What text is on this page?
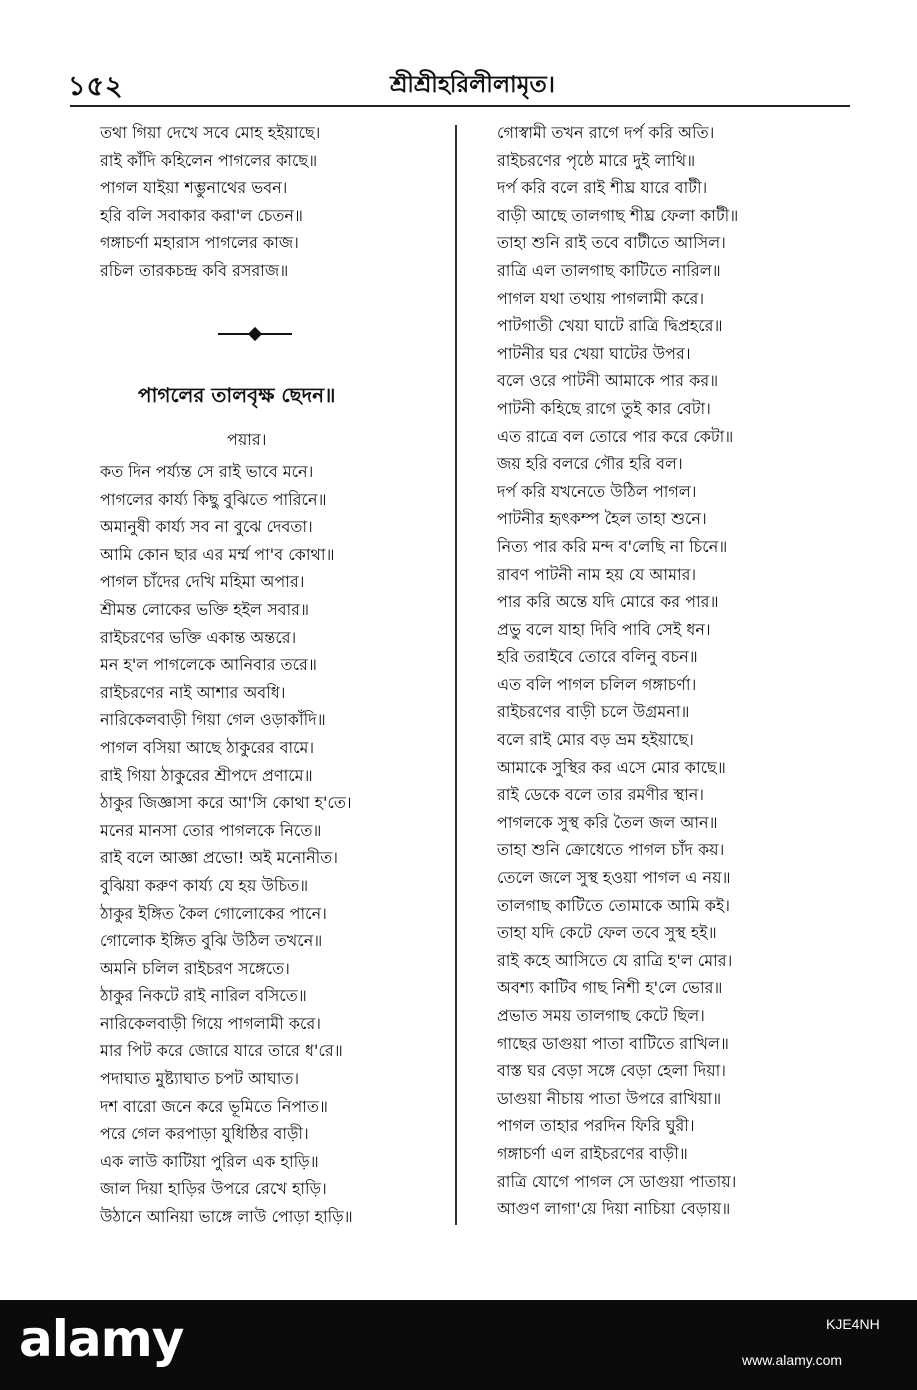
১৫২	শ্রীশ্রীহরিলীলামৃত।
তথা গিয়া দেখে সবে মোহ হইয়াছে।
রাই কাঁদি কহিলেন পাগলের কাছে॥
পাগল যাইয়া শম্ভুনাথের ভবন।
হরি বলি সবাকার করা'ল চেতন॥
গঙ্গাচর্ণা মহারাস পাগলের কাজ।
রচিল তারকচন্দ্র কবি রসরাজ॥
পাগলের তালবৃক্ষ ছেদন॥
পয়ার।
কত দিন পর্য্যন্ত সে রাই ভাবে মনে।
পাগলের কার্য্য কিছু বুঝিতে পারিনে॥
অমানুষী কার্য্য সব না বুঝে দেবতা।
আমি কোন ছার এর মর্ম্ম পা'ব কোথা॥
পাগল চাঁদের দেখি মহিমা অপার।
শ্রীমন্ত লোকের ভক্তি হইল সবার॥
রাইচরণের ভক্তি একান্ত অন্তরে।
মন হ'ল পাগলেকে আনিবার তরে॥
রাইচরণের নাই আশার অবধি।
নারিকেলবাড়ী গিয়া গেল ওড়াকাঁদি॥
পাগল বসিয়া আছে ঠাকুরের বামে।
রাই গিয়া ঠাকুরের শ্রীপদে প্রণামে॥
ঠাকুর জিজ্ঞাসা করে আ'সি কোথা হ'তে।
মনের মানসা তোর পাগলকে নিতে॥
রাই বলে আজ্ঞা প্রভো! অই মনোনীত।
বুঝিয়া করুণ কার্য্য যে হয় উচিত॥
ঠাকুর ইঙ্গিত কৈল গোলোকের পানে।
গোলোক ইঙ্গিত বুঝি উঠিল তখনে॥
অমনি চলিল রাইচরণ সঙ্গেতে।
ঠাকুর নিকটে রাই নারিল বসিতে॥
নারিকেলবাড়ী গিয়ে পাগলামী করে।
মার পিট করে জোরে যারে তারে ধ'রে॥
পদাঘাত মুষ্ট্যাঘাত চপট আঘাত।
দশ বারো জনে করে ভূমিতে নিপাত॥
পরে গেল করপাড়া যুধিষ্ঠির বাড়ী।
এক লাউ কাটিয়া পুরিল এক হাড়ি॥
জাল দিয়া হাড়ির উপরে রেখে হাড়ি।
উঠানে আনিয়া ভাঙ্গে লাউ পোড়া হাড়ি॥
গোস্বামী তখন রাগে দর্প করি অতি।
রাইচরণের পৃষ্ঠে মারে দুই লাথি॥
দর্প করি বলে রাই শীঘ্র যারে বাটী।
বাড়ী আছে তালগাছ শীঘ্র ফেলা কাটী॥
তাহা শুনি রাই তবে বাটীতে আসিল।
রাত্রি এল তালগাছ কাটিতে নারিল॥
পাগল যথা তথায় পাগলামী করে।
পাটগাতী খেয়া ঘাটে রাত্রি দ্বিপ্রহরে॥
পাটনীর ঘর খেয়া ঘাটের উপর।
বলে ওরে পাটনী আমাকে পার কর॥
পাটনী কহিছে রাগে তুই কার বেটা।
এত রাত্রে বল তোরে পার করে কেটা॥
জয় হরি বলরে গৌর হরি বল।
দর্প করি যখনেতে উঠিল পাগল।
পাটনীর হৃৎকম্প হৈল তাহা শুনে।
নিত্য পার করি মন্দ ব'লেছি না চিনে॥
রাবণ পাটনী নাম হয় যে আমার।
পার করি অন্তে যদি মোরে কর পার॥
প্রভু বলে যাহা দিবি পাবি সেই ধন।
হরি তরাইবে তোরে বলিনু বচন॥
এত বলি পাগল চলিল গঙ্গাচর্ণা।
রাইচরণের বাড়ী চলে উগ্রমনা॥
বলে রাই মোর বড় ভ্রম হইয়াছে।
আমাকে সুস্থির কর এসে মোর কাছে॥
রাই ডেকে বলে তার রমণীর স্থান।
পাগলকে সুস্থ করি তৈল জল আন॥
তাহা শুনি ক্রোধেতে পাগল চাঁদ কয়।
তেলে জলে সুস্থ হওয়া পাগল এ নয়॥
তালগাছ কাটিতে তোমাকে আমি কই।
তাহা যদি কেটে ফেল তবে সুস্থ হই॥
রাই কহে আসিতে যে রাত্রি হ'ল মোর।
অবশ্য কাটিব গাছ নিশী হ'লে ভোর॥
প্রভাত সময় তালগাছ কেটে ছিল।
গাছের ডাগুয়া পাতা বাটিতে রাখিল॥
বাস্ত ঘর বেড়া সঙ্গে বেড়া হেলা দিয়া।
ডাগুয়া নীচায় পাতা উপরে রাখিয়া॥
পাগল তাহার পরদিন ফিরি ঘুরী।
গঙ্গাচর্ণা এল রাইচরণের বাড়ী॥
রাত্রি যোগে পাগল সে ডাগুয়া পাতায়।
আগুণ লাগা'য়ে দিয়া নাচিয়া বেড়ায়॥
alamy	KJE4NH
www.alamy.com
